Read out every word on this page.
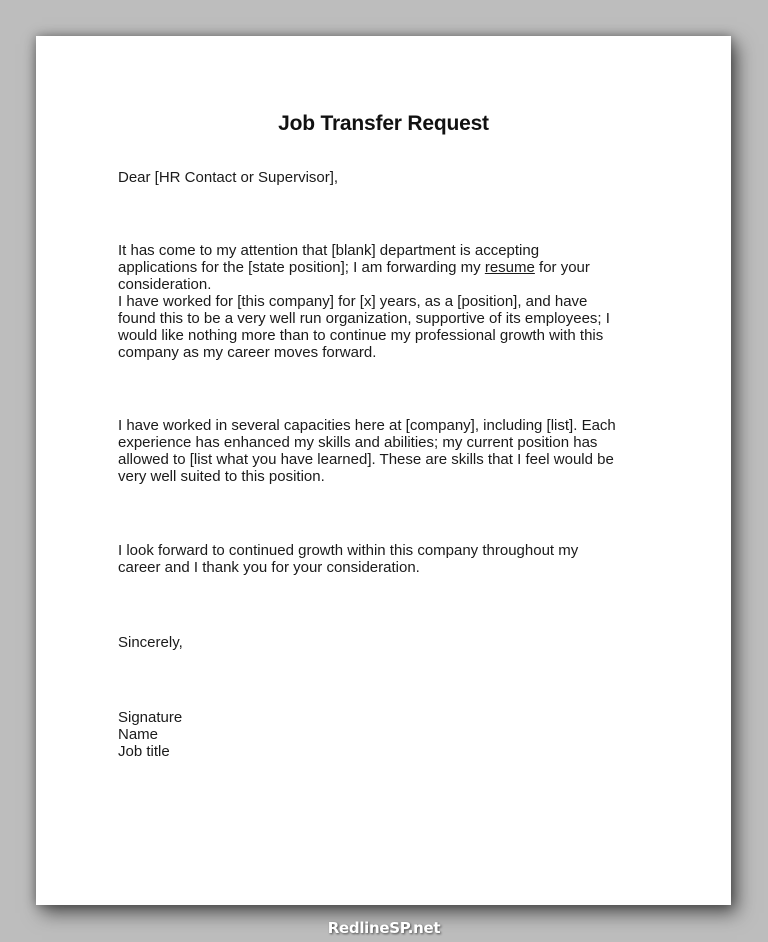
Job Transfer Request
Dear [HR Contact or Supervisor],
It has come to my attention that [blank] department is accepting
applications for the [state position]; I am forwarding my resume for your
consideration.
I have worked for [this company] for [x] years, as a [position], and have
found this to be a very well run organization, supportive of its employees; I
would like nothing more than to continue my professional growth with this
company as my career moves forward.
I have worked in several capacities here at [company], including [list]. Each
experience has enhanced my skills and abilities; my current position has
allowed to [list what you have learned]. These are skills that I feel would be
very well suited to this position.
I look forward to continued growth within this company throughout my
career and I thank you for your consideration.
Sincerely,
Signature
Name
Job title
RedlineSP.net
